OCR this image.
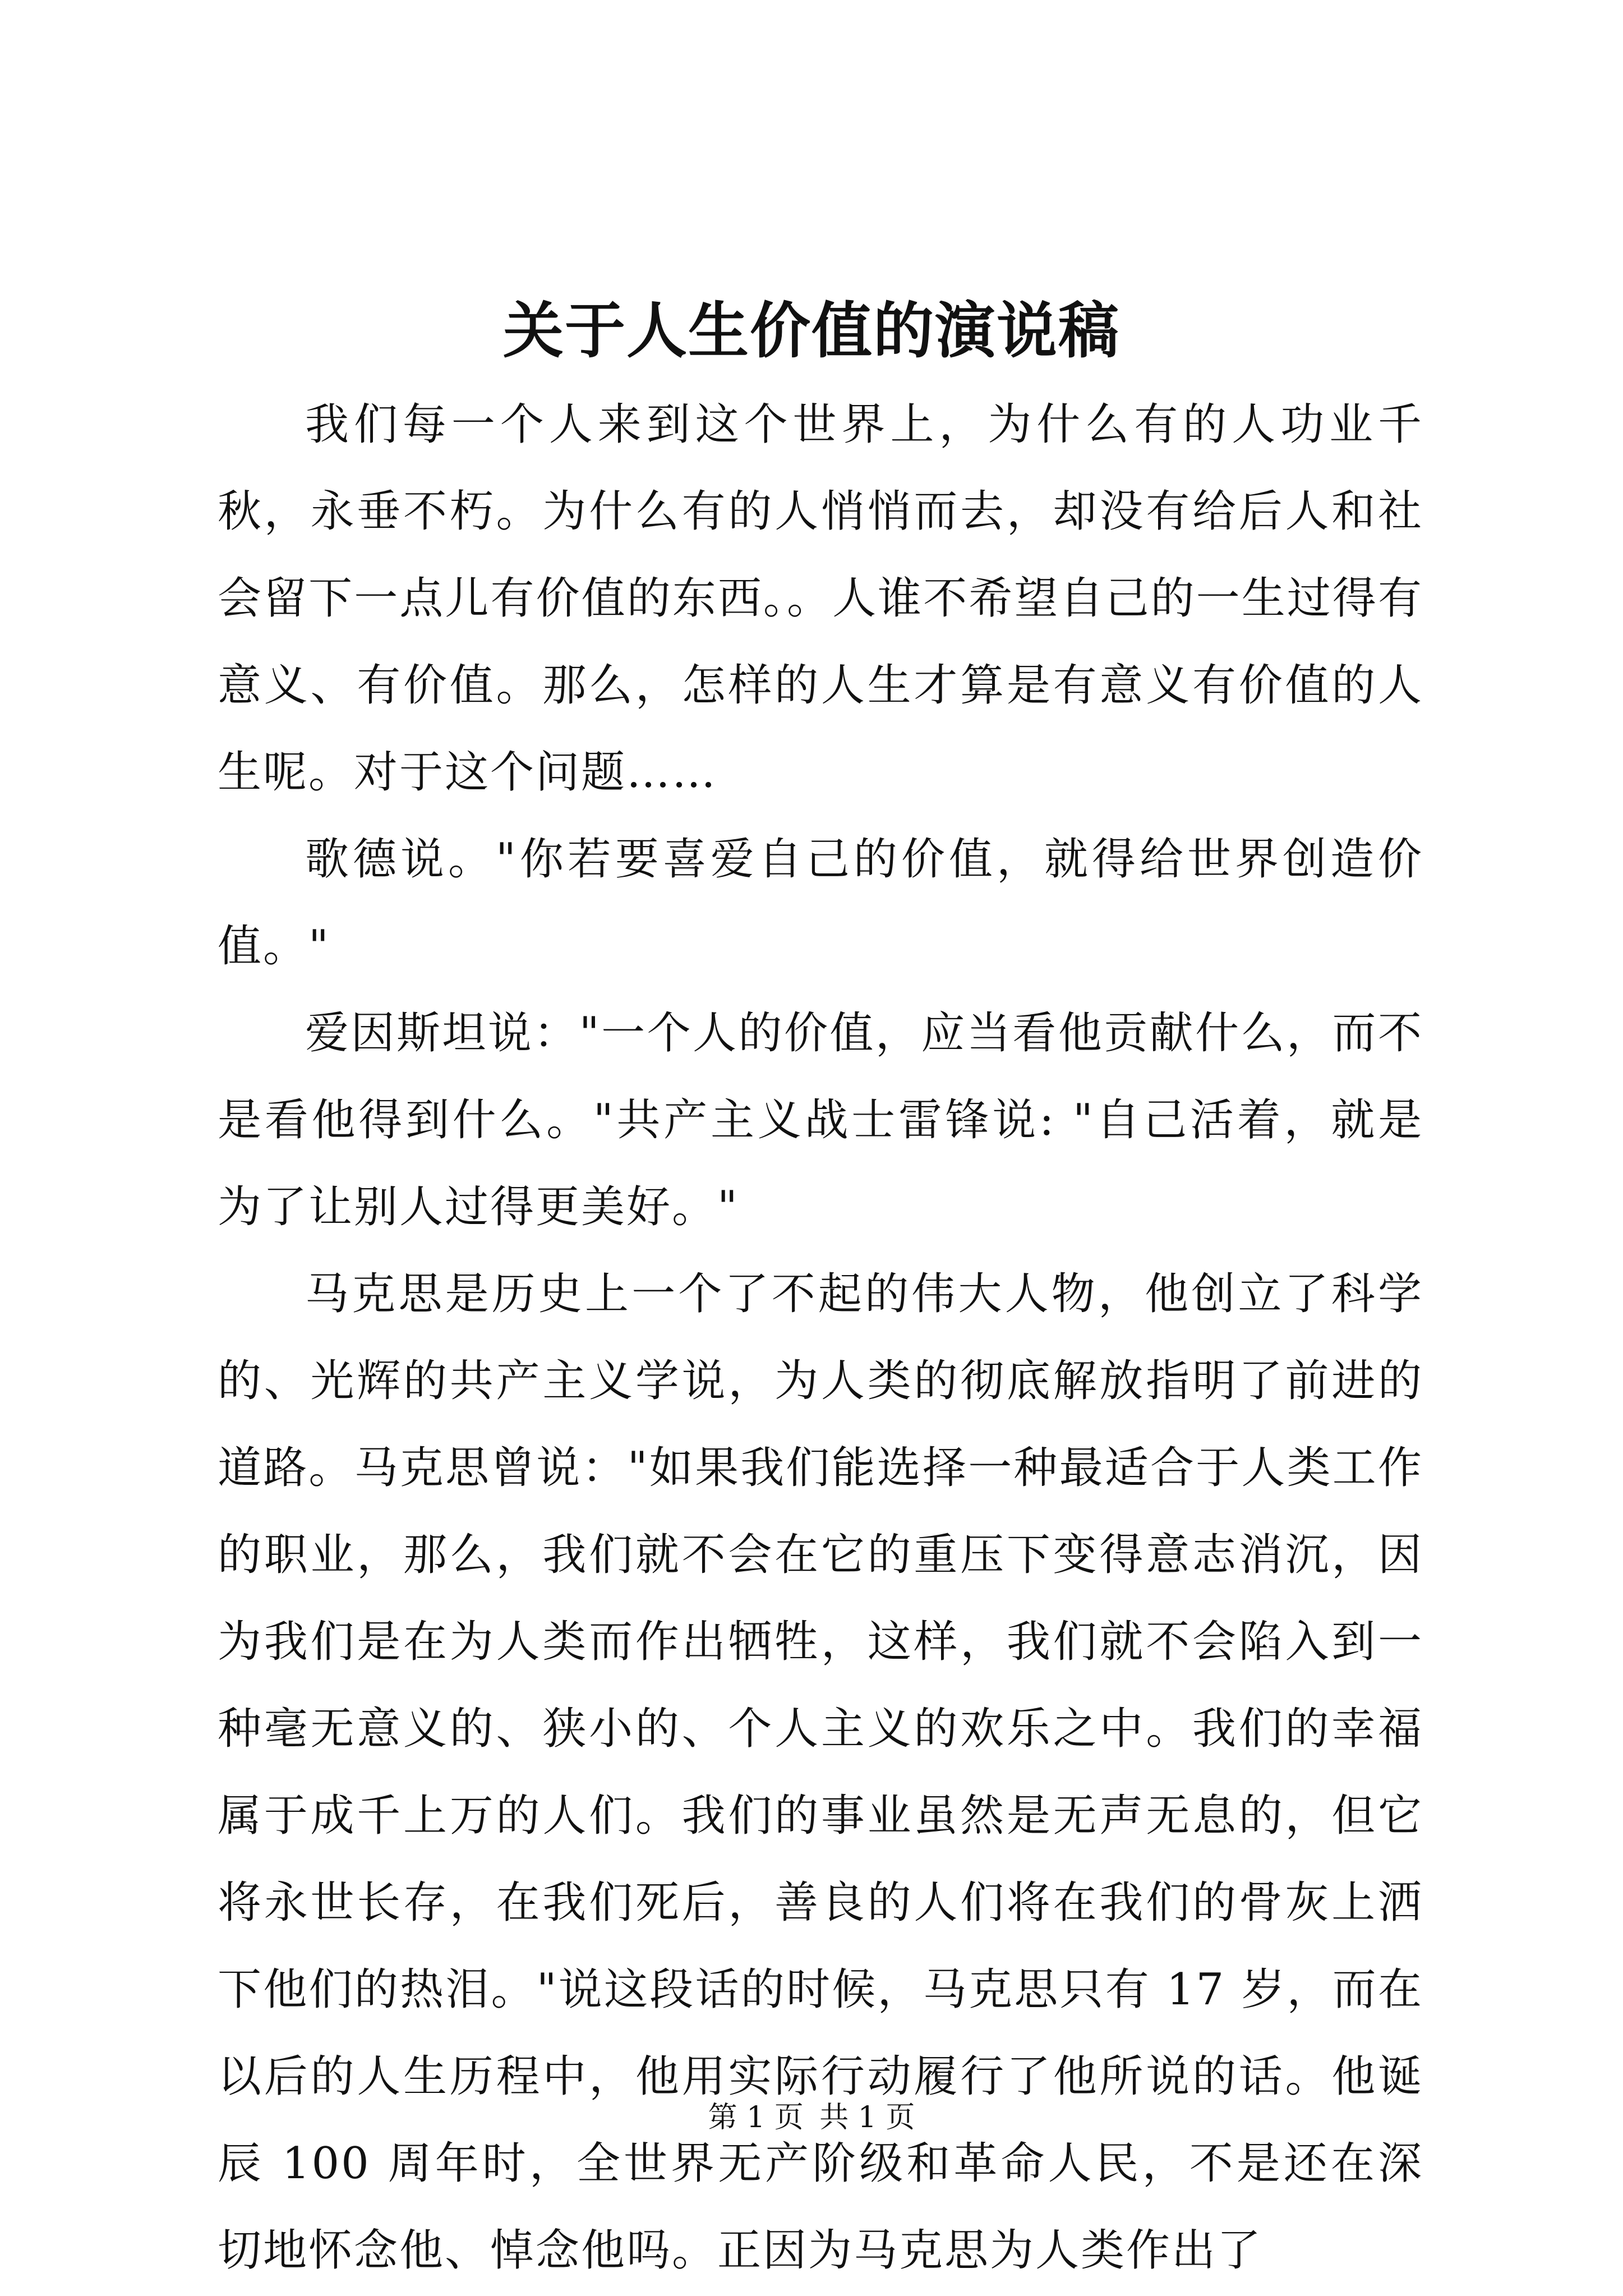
关于人生价值的演说稿

我们每一个人来到这个世界上，为什么有的人功业千秋，永垂不朽。为什么有的人悄悄而去，却没有给后人和社会留下一点儿有价值的东西。。人谁不希望自己的一生过得有意义、有价值。那么，怎样的人生才算是有意义有价值的人生呢。对于这个问题……

歌德说。"你若要喜爱自己的价值，就得给世界创造价值。"

爱因斯坦说："一个人的价值，应当看他贡献什么，而不是看他得到什么。"共产主义战士雷锋说: "自己活着，就是为了让别人过得更美好。"

马克思是历史上一个了不起的伟大人物，他创立了科学的、光辉的共产主义学说，为人类的彻底解放指明了前进的道路。马克思曾说："如果我们能选择一种最适合于人类工作的职业，那么，我们就不会在它的重压下变得意志消沉，因为我们是在为人类而作出牺牲，这样，我们就不会陷入到一种毫无意义的、狭小的、个人主义的欢乐之中。我们的幸福属于成千上万的人们。我们的事业虽然是无声无息的，但它将永世长存，在我们死后，善良的人们将在我们的骨灰上洒下他们的热泪。"说这段话的时候，马克思只有 17 岁，而在以后的人生历程中，他用实际行动履行了他所说的话。他诞辰 100 周年时，全世界无产阶级和革命人民，不是还在深切地怀念他、悼念他吗。正因为马克思为人类作出了

第 1 页 共 1 页
